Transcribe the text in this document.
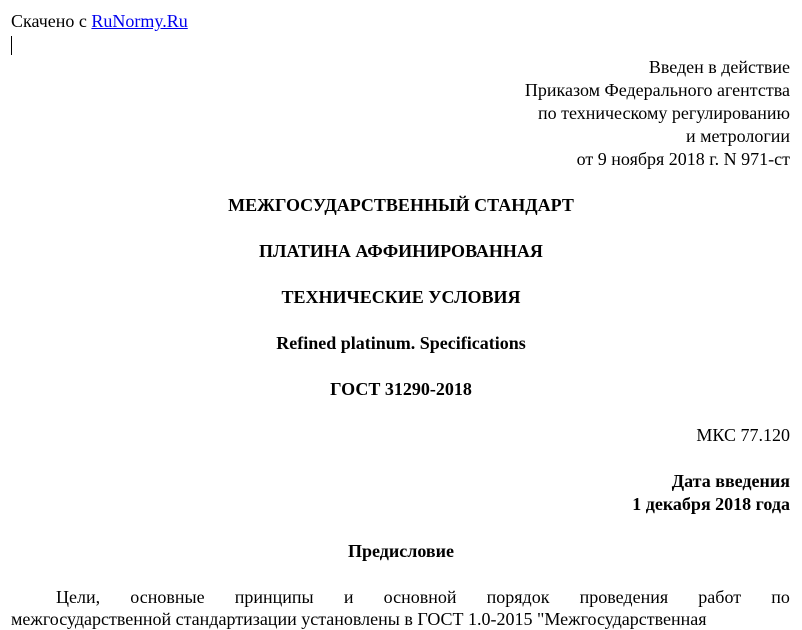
Скачено с RuNormy.Ru
Введен в действие
Приказом Федерального агентства
по техническому регулированию
и метрологии
от 9 ноября 2018 г. N 971-ст
МЕЖГОСУДАРСТВЕННЫЙ СТАНДАРТ
ПЛАТИНА АФФИНИРОВАННАЯ
ТЕХНИЧЕСКИЕ УСЛОВИЯ
Refined platinum. Specifications
ГОСТ 31290-2018
МКС 77.120
Дата введения
1 декабря 2018 года
Предисловие
Цели, основные принципы и основной порядок проведения работ по
межгосударственной стандартизации установлены в ГОСТ 1.0-2015 "Межгосударственная
